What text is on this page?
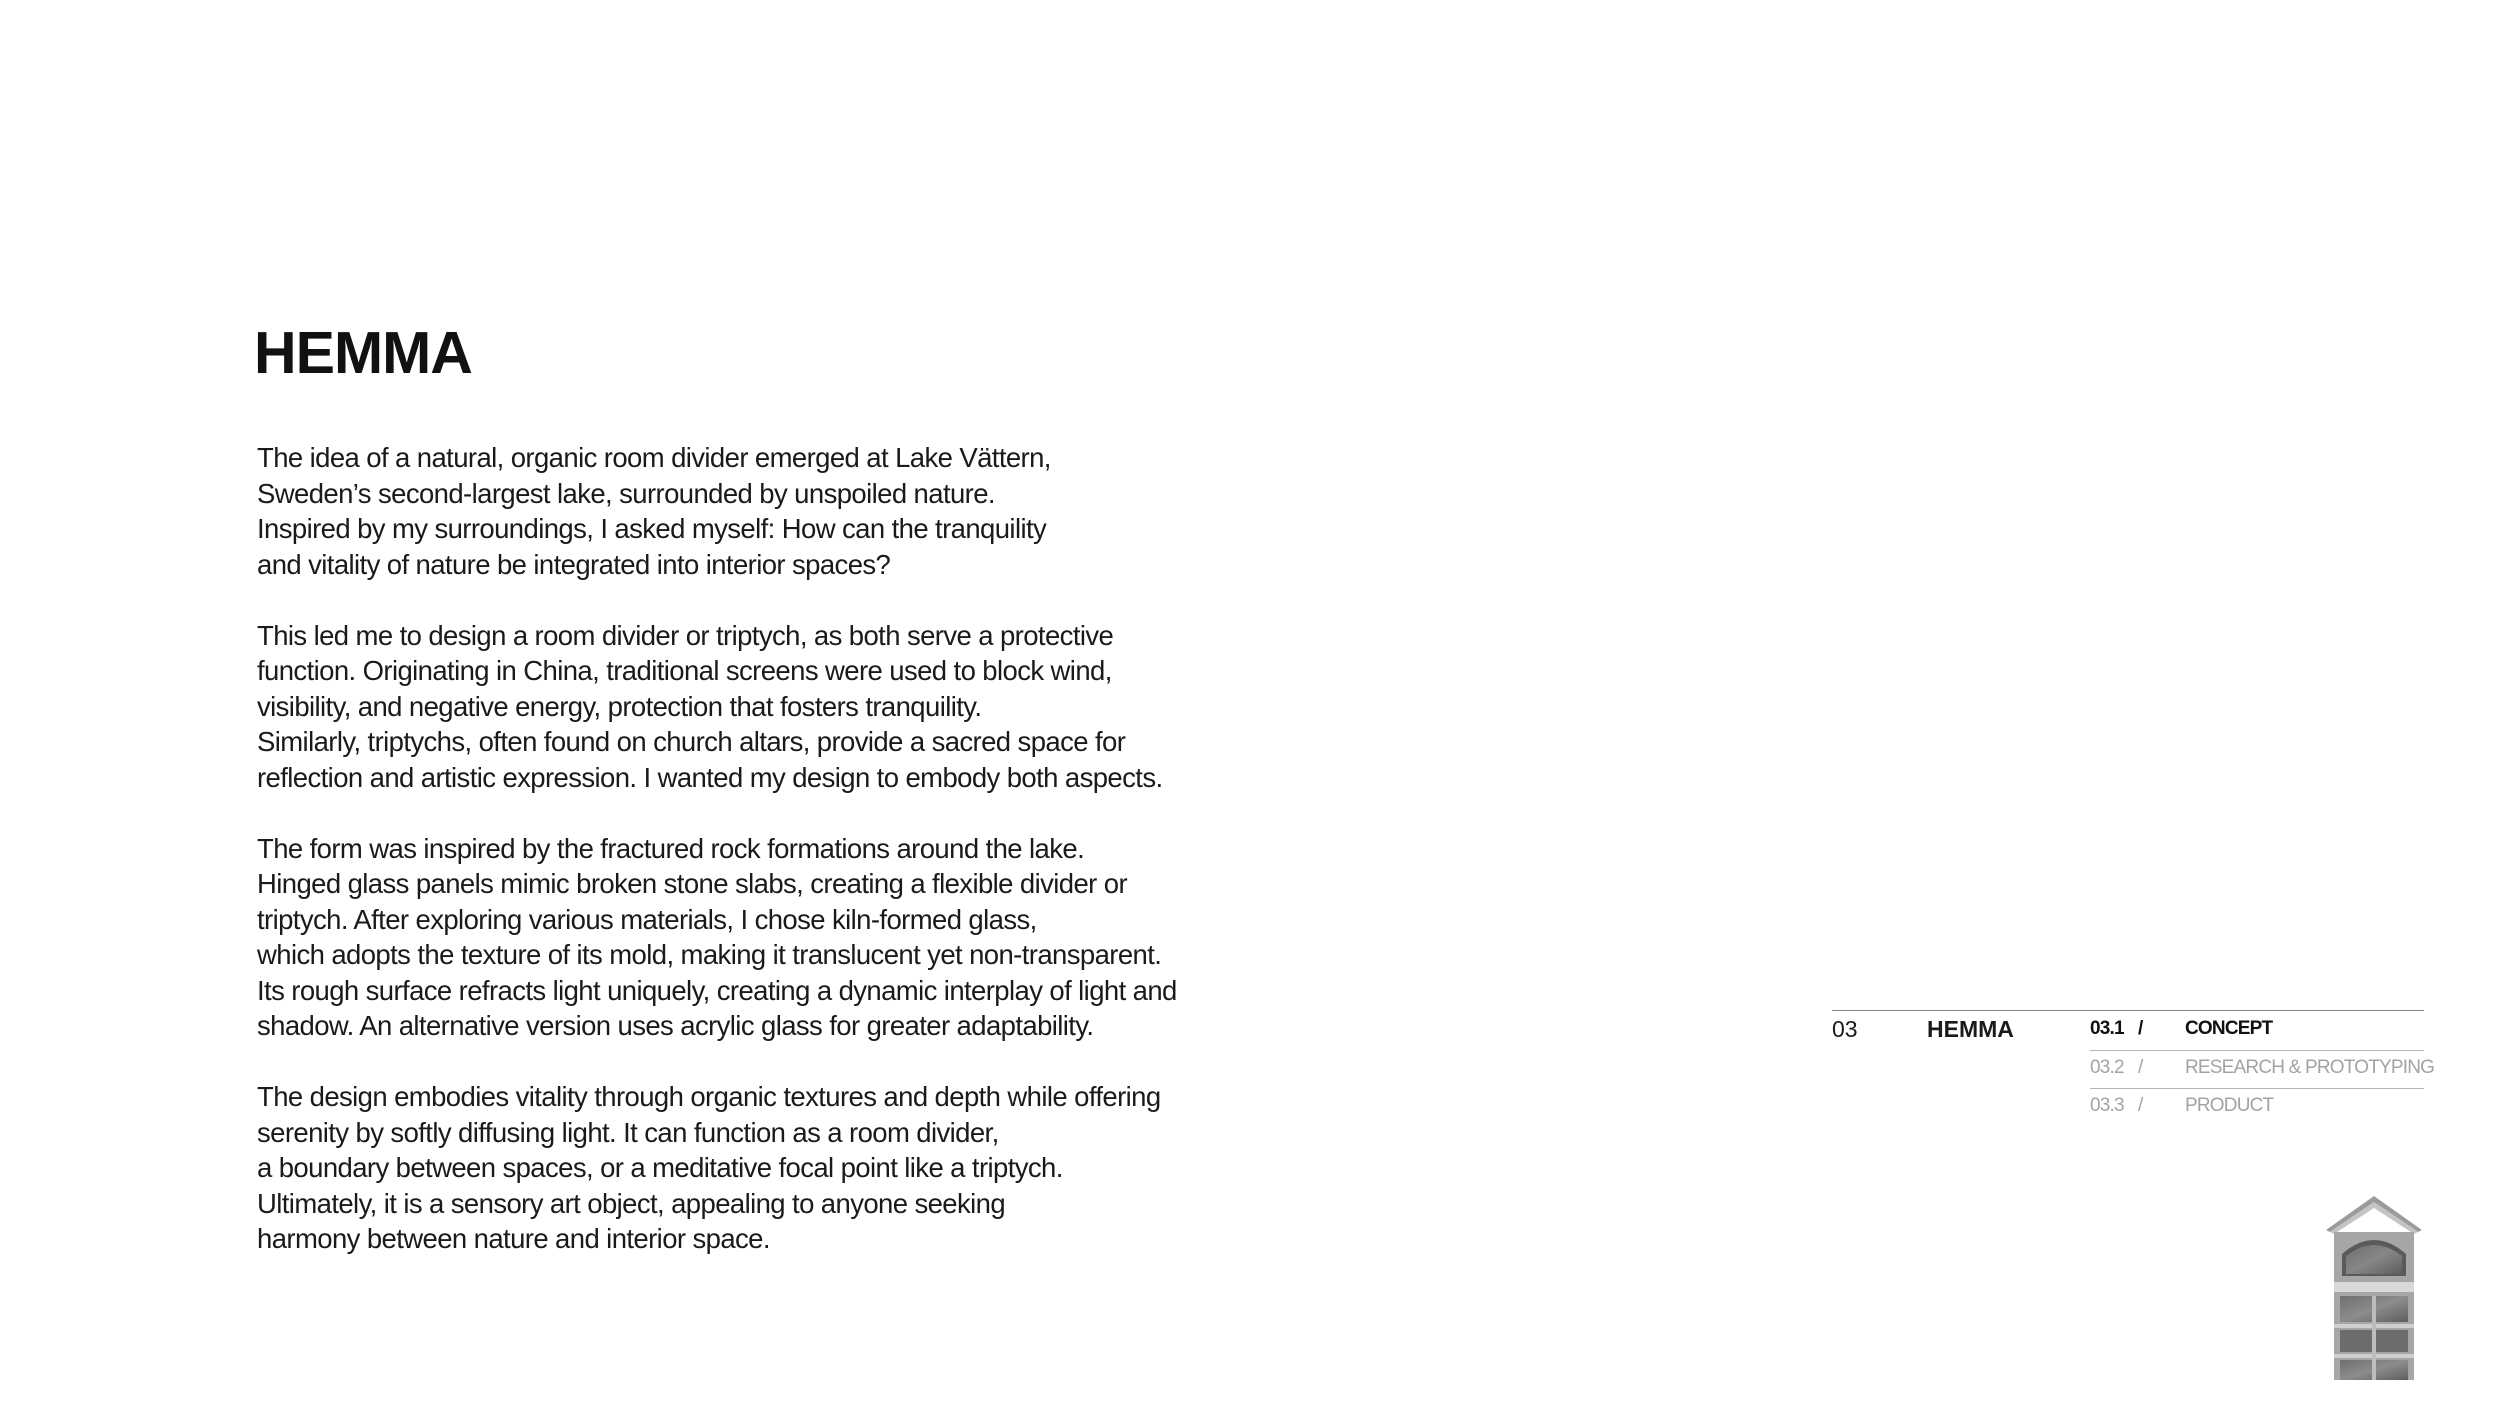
HEMMA

The idea of a natural, organic room divider emerged at Lake Vättern,
Sweden’s second-largest lake, surrounded by unspoiled nature.
Inspired by my surroundings, I asked myself: How can the tranquility
and vitality of nature be integrated into interior spaces?

This led me to design a room divider or triptych, as both serve a protective
function. Originating in China, traditional screens were used to block wind,
visibility, and negative energy, protection that fosters tranquility.
Similarly, triptychs, often found on church altars, provide a sacred space for
reflection and artistic expression. I wanted my design to embody both aspects.

The form was inspired by the fractured rock formations around the lake.
Hinged glass panels mimic broken stone slabs, creating a flexible divider or
triptych. After exploring various materials, I chose kiln-formed glass,
which adopts the texture of its mold, making it translucent yet non-transparent.
Its rough surface refracts light uniquely, creating a dynamic interplay of light and
shadow. An alternative version uses acrylic glass for greater adaptability.

The design embodies vitality through organic textures and depth while offering
serenity by softly diffusing light. It can function as a room divider,
a boundary between spaces, or a meditative focal point like a triptych.
Ultimately, it is a sensory art object, appealing to anyone seeking
harmony between nature and interior space.

03	HEMMA	03.1 / CONCEPT
03.2 / RESEARCH & PROTOTYPING
03.3 / PRODUCT
